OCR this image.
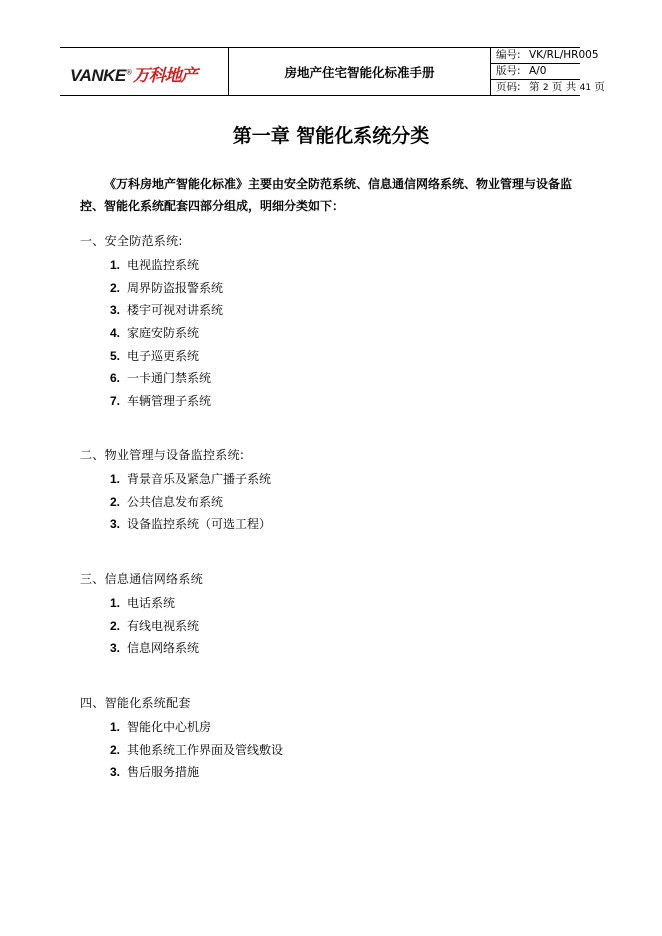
VANKE®万科地产	房地产住宅智能化标准手册
编号: VK/RL/HR005
版号: A/0
页码: 第 2 页 共 41 页
第一章 智能化系统分类
《万科房地产智能化标准》主要由安全防范系统、信息通信网络系统、物业管理与设备监控、智能化系统配套四部分组成，明细分类如下：
一、安全防范系统:
1. 电视监控系统
2. 周界防盗报警系统
3. 楼宇可视对讲系统
4. 家庭安防系统
5. 电子巡更系统
6. 一卡通门禁系统
7. 车辆管理子系统
二、物业管理与设备监控系统:
1. 背景音乐及紧急广播子系统
2. 公共信息发布系统
3. 设备监控系统（可选工程）
三、信息通信网络系统
1. 电话系统
2. 有线电视系统
3. 信息网络系统
四、智能化系统配套
1. 智能化中心机房
2. 其他系统工作界面及管线敷设
3. 售后服务措施
